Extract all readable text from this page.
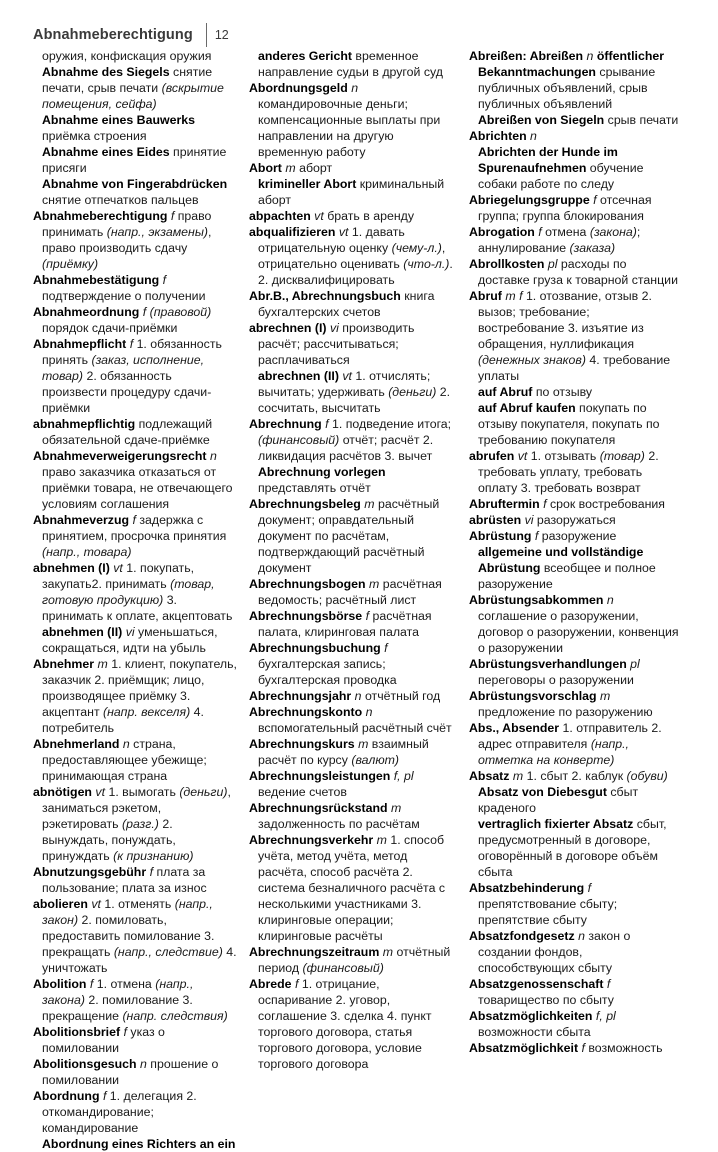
Abnahmeberechtigung 12

оружия, конфискация оружия

Abnahme des Siegels снятие печати, срыв печати (вскрытие помещения, сейфа)

Abnahme eines Bauwerks приёмка строения

Abnahme eines Eides принятие присяги

Abnahme von Fingerabdrücken снятие отпечатков пальцев

Abnahmeberechtigung f право принимать (напр., экзамены), право производить сдачу (приёмку)

Abnahmebestätigung f подтверждение о получении

Abnahmeordnung f (правовой) порядок сдачи-приёмки

Abnahmepflicht f 1. обязанность принять (заказ, исполнение, товар) 2. обязанность произвести процедуру сдачи-приёмки

abnahmepflichtig подлежащий обязательной сдаче-приёмке

Abnahmeverweigerungsrecht n право заказчика отказаться от приёмки товара, не отвечающего условиям соглашения

Abnahmeverzug f задержка с принятием, просрочка принятия (напр., товара)

abnehmen (I) vt 1. покупать, закупать2. принимать (товар, готовую продукцию) 3. принимать к оплате, акцептовать

abnehmen (II) vi уменьшаться, сокращаться, идти на убыль

Abnehmer m 1. клиент, покупатель, заказчик 2. приёмщик; лицо, производящее приёмку 3. акцептант (напр. векселя) 4. потребитель

Abnehmerland n страна, предоставляющее убежище; принимающая страна

abnötigen vt 1. вымогать (деньги), заниматься рэкетом, рэкетировать (разг.) 2. вынуждать, понуждать, принуждать (к признанию)

Abnutzungsgebühr f плата за пользование; плата за износ

abolieren vt 1. отменять (напр., закон) 2. помиловать, предоставить помилование 3. прекращать (напр., следствие) 4. уничтожать

Abolition f 1. отмена (напр., закона) 2. помилование 3. прекращение (напр. следствия)

Abolitionsbrief f указ о помиловании

Abolitionsgesuch n прошение о помиловании

Abordnung f 1. делегация 2. откомандирование; командирование

Abordnung eines Richters an ein

anderes Gericht временное направление судьи в другой суд

Abordnungsgeld n командировочные деньги; компенсационные выплаты при направлении на другую временную работу

Abort m аборт

krimineller Abort криминальный аборт

abpachten vt брать в аренду

abqualifizieren vt 1. давать отрицательную оценку (чему-л.), отрицательно оценивать (что-л.). 2. дисквалифицировать

Abr.B., Abrechnungsbuch книга бухгалтерских счетов

abrechnen (I) vi производить расчёт; рассчитываться; расплачиваться

abrechnen (II) vt 1. отчислять; вычитать; удерживать (деньги) 2. сосчитать, высчитать

Abrechnung f 1. подведение итога; (финансовый) отчёт; расчёт 2. ликвидация расчётов 3. вычет

Abrechnung vorlegen представлять отчёт

Abrechnungsbeleg m расчётный документ; оправдательный документ по расчётам, подтверждающий расчётный документ

Abrechnungsbogen m расчётная ведомость; расчётный лист

Abrechnungsbörse f расчётная палата, клиринговая палата

Abrechnungsbuchung f бухгалтерская запись; бухгалтерская проводка

Abrechnungsjahr n отчётный год

Abrechnungskonto n вспомогательный расчётный счёт

Abrechnungskurs m взаимный расчёт по курсу (валют)

Abrechnungsleistungen f, pl ведение счетов

Abrechnungsrückstand m задолженность по расчётам

Abrechnungsverkehr m 1. способ учёта, метод учёта, метод расчёта, способ расчёта 2. система безналичного расчёта с несколькими участниками 3. клиринговые операции; клиринговые расчёты

Abrechnungszeitraum m отчётный период (финансовый)

Abrede f 1. отрицание, оспаривание 2. уговор, соглашение 3. сделка 4. пункт торгового договора, статья торгового договора, условие торгового договора

Abreißen: Abreißen n öffentlicher Bekanntmachungen срывание публичных объявлений, срыв публичных объявлений

Abreißen von Siegeln срыв печати

Abrichten n

Abrichten der Hunde im Spurenaufnehmen обучение собаки работе по следу

Abriegelungsgruppe f отсечная группа; группа блокирования

Abrogation f отмена (закона); аннулирование (заказа)

Abrollkosten pl расходы по доставке груза к товарной станции

Abruf m f 1. отозвание, отзыв 2. вызов; требование; востребование 3. изъятие из обращения, нуллификация (денежных знаков) 4. требование уплаты

auf Abruf по отзыву

auf Abruf kaufen покупать по отзыву покупателя, покупать по требованию покупателя

abrufen vt 1. отзывать (товар) 2. требовать уплату, требовать оплату 3. требовать возврат

Abruftermin f срок востребования

abrüsten vi разоружаться

Abrüstung f разоружение

allgemeine und vollständige Abrüstung всеобщее и полное разоружение

Abrüstungsabkommen n соглашение о разоружении, договор о разоружении, конвенция о разоружении

Abrüstungsverhandlungen pl переговоры о разоружении

Abrüstungsvorschlag m предложение по разоружению

Abs., Absender 1. отправитель 2. адрес отправителя (напр., отметка на конверте)

Absatz m 1. сбыт 2. каблук (обуви)

Absatz von Diebesgut сбыт краденого

vertraglich fixierter Absatz сбыт, предусмотренный в договоре, оговорённый в договоре объём сбыта

Absatzbehinderung f препятствование сбыту; препятствие сбыту

Absatzfondgesetz n закон о создании фондов, способствующих сбыту

Absatzgenossenschaft f товарищество по сбыту

Absatzmöglichkeiten f, pl возможности сбыта

Absatzmöglichkeit f возможность
